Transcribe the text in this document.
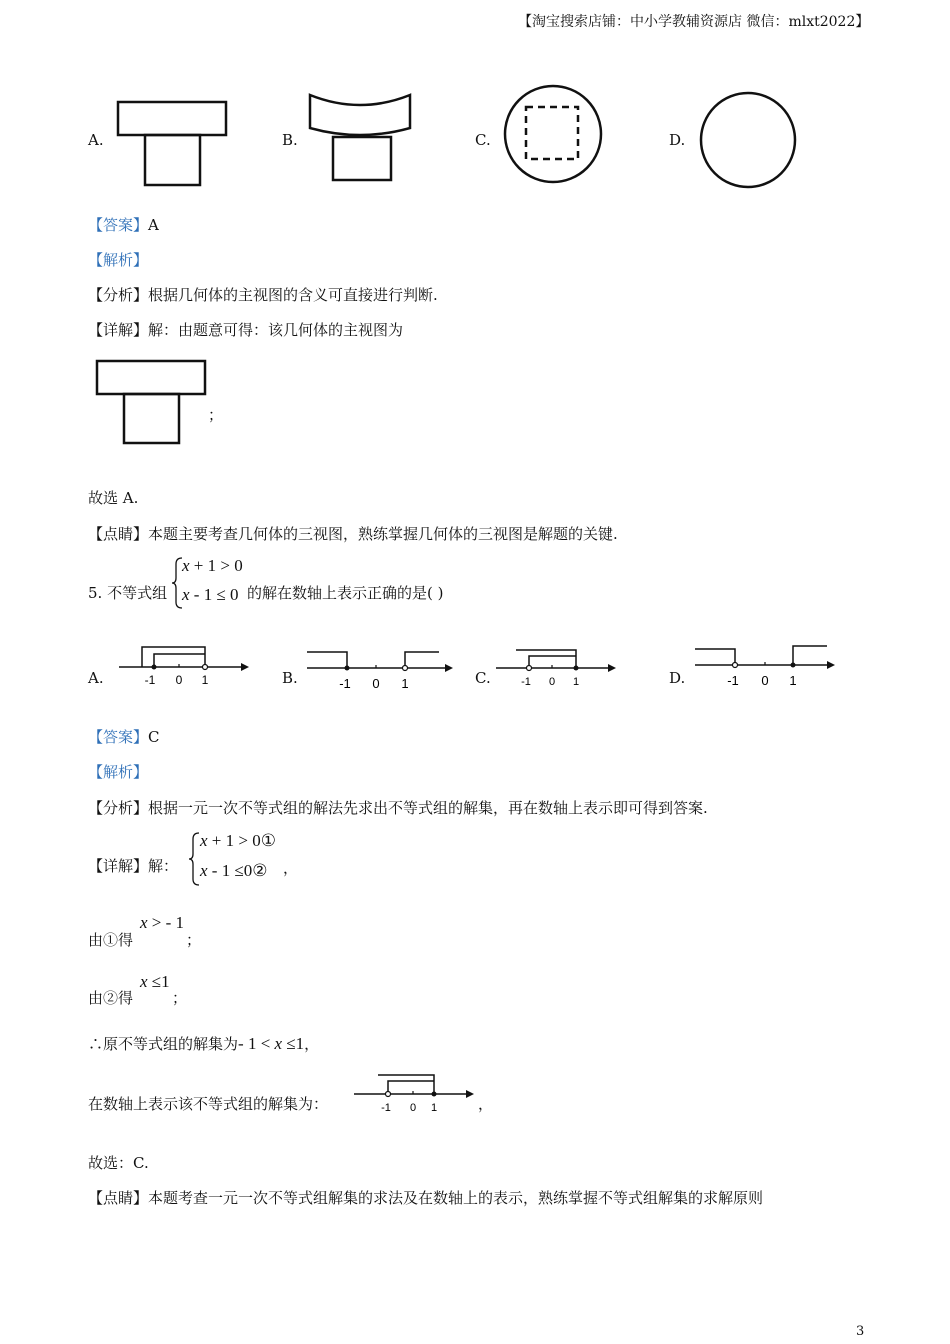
【淘宝搜索店铺：中小学教辅资源店 微信：mlxt2022】
A.	B.	C.	D.
【答案】A
【解析】
【分析】根据几何体的主视图的含义可直接进行判断.
【详解】解：由题意可得：该几何体的主视图为
；
故选 A.
【点睛】本题主要考查几何体的三视图，熟练掌握几何体的三视图是解题的关键.
5. 不等式组
x + 1 > 0
x - 1 ≤ 0 的解在数轴上表示正确的是( )
A.	-1 0 1	B.	-1 0 1	C.	-1 0 1	D.	-1 0 1
【答案】C
【解析】
【分析】根据一元一次不等式组的解法先求出不等式组的解集，再在数轴上表示即可得到答案.
【详解】解：
x + 1 > 0①
x - 1 ≤0② ，
由①得
x > - 1
；
由②得
x ≤1
；
∴原不等式组的解集为- 1 < x ≤1，
在数轴上表示该不等式组的解集为：	-1 0 1	，
故选：C.
【点睛】本题考查一元一次不等式组解集的求法及在数轴上的表示，熟练掌握不等式组解集的求解原则
3
